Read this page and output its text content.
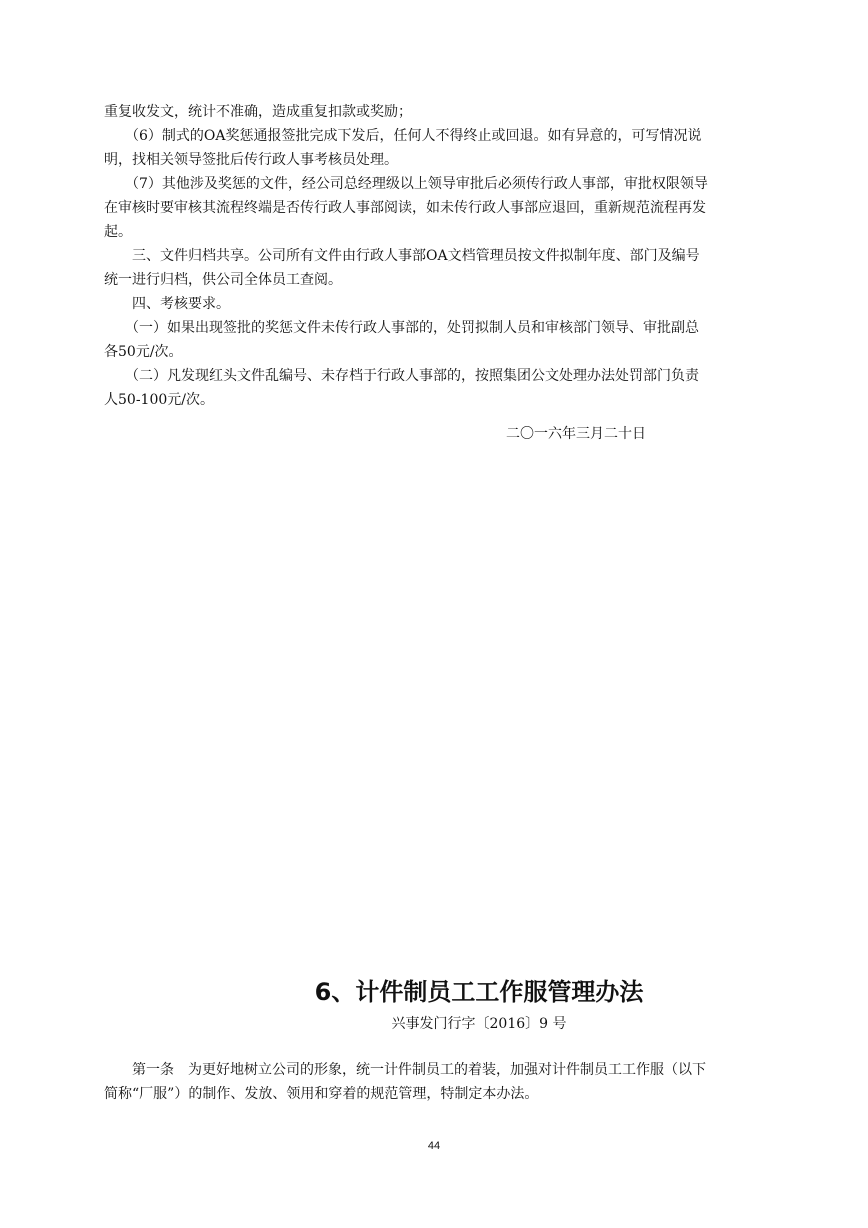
重复收发文，统计不准确，造成重复扣款或奖励；
　　（6）制式的OA奖惩通报签批完成下发后，任何人不得终止或回退。如有异意的，可写情况说
明，找相关领导签批后传行政人事考核员处理。
　　（7）其他涉及奖惩的文件，经公司总经理级以上领导审批后必须传行政人事部，审批权限领导
在审核时要审核其流程终端是否传行政人事部阅读，如未传行政人事部应退回，重新规范流程再发
起。
　　三、文件归档共享。公司所有文件由行政人事部OA文档管理员按文件拟制年度、部门及编号
统一进行归档，供公司全体员工查阅。
　　四、考核要求。
　　（一）如果出现签批的奖惩文件未传行政人事部的，处罚拟制人员和审核部门领导、审批副总
各50元/次。
　　（二）凡发现红头文件乱编号、未存档于行政人事部的，按照集团公文处理办法处罚部门负责
人50-100元/次。
二〇一六年三月二十日
6、计件制员工工作服管理办法
兴事发门行字〔2016〕9 号
　　第一条　为更好地树立公司的形象，统一计件制员工的着装，加强对计件制员工工作服（以下
简称“厂服”）的制作、发放、领用和穿着的规范管理，特制定本办法。
44
